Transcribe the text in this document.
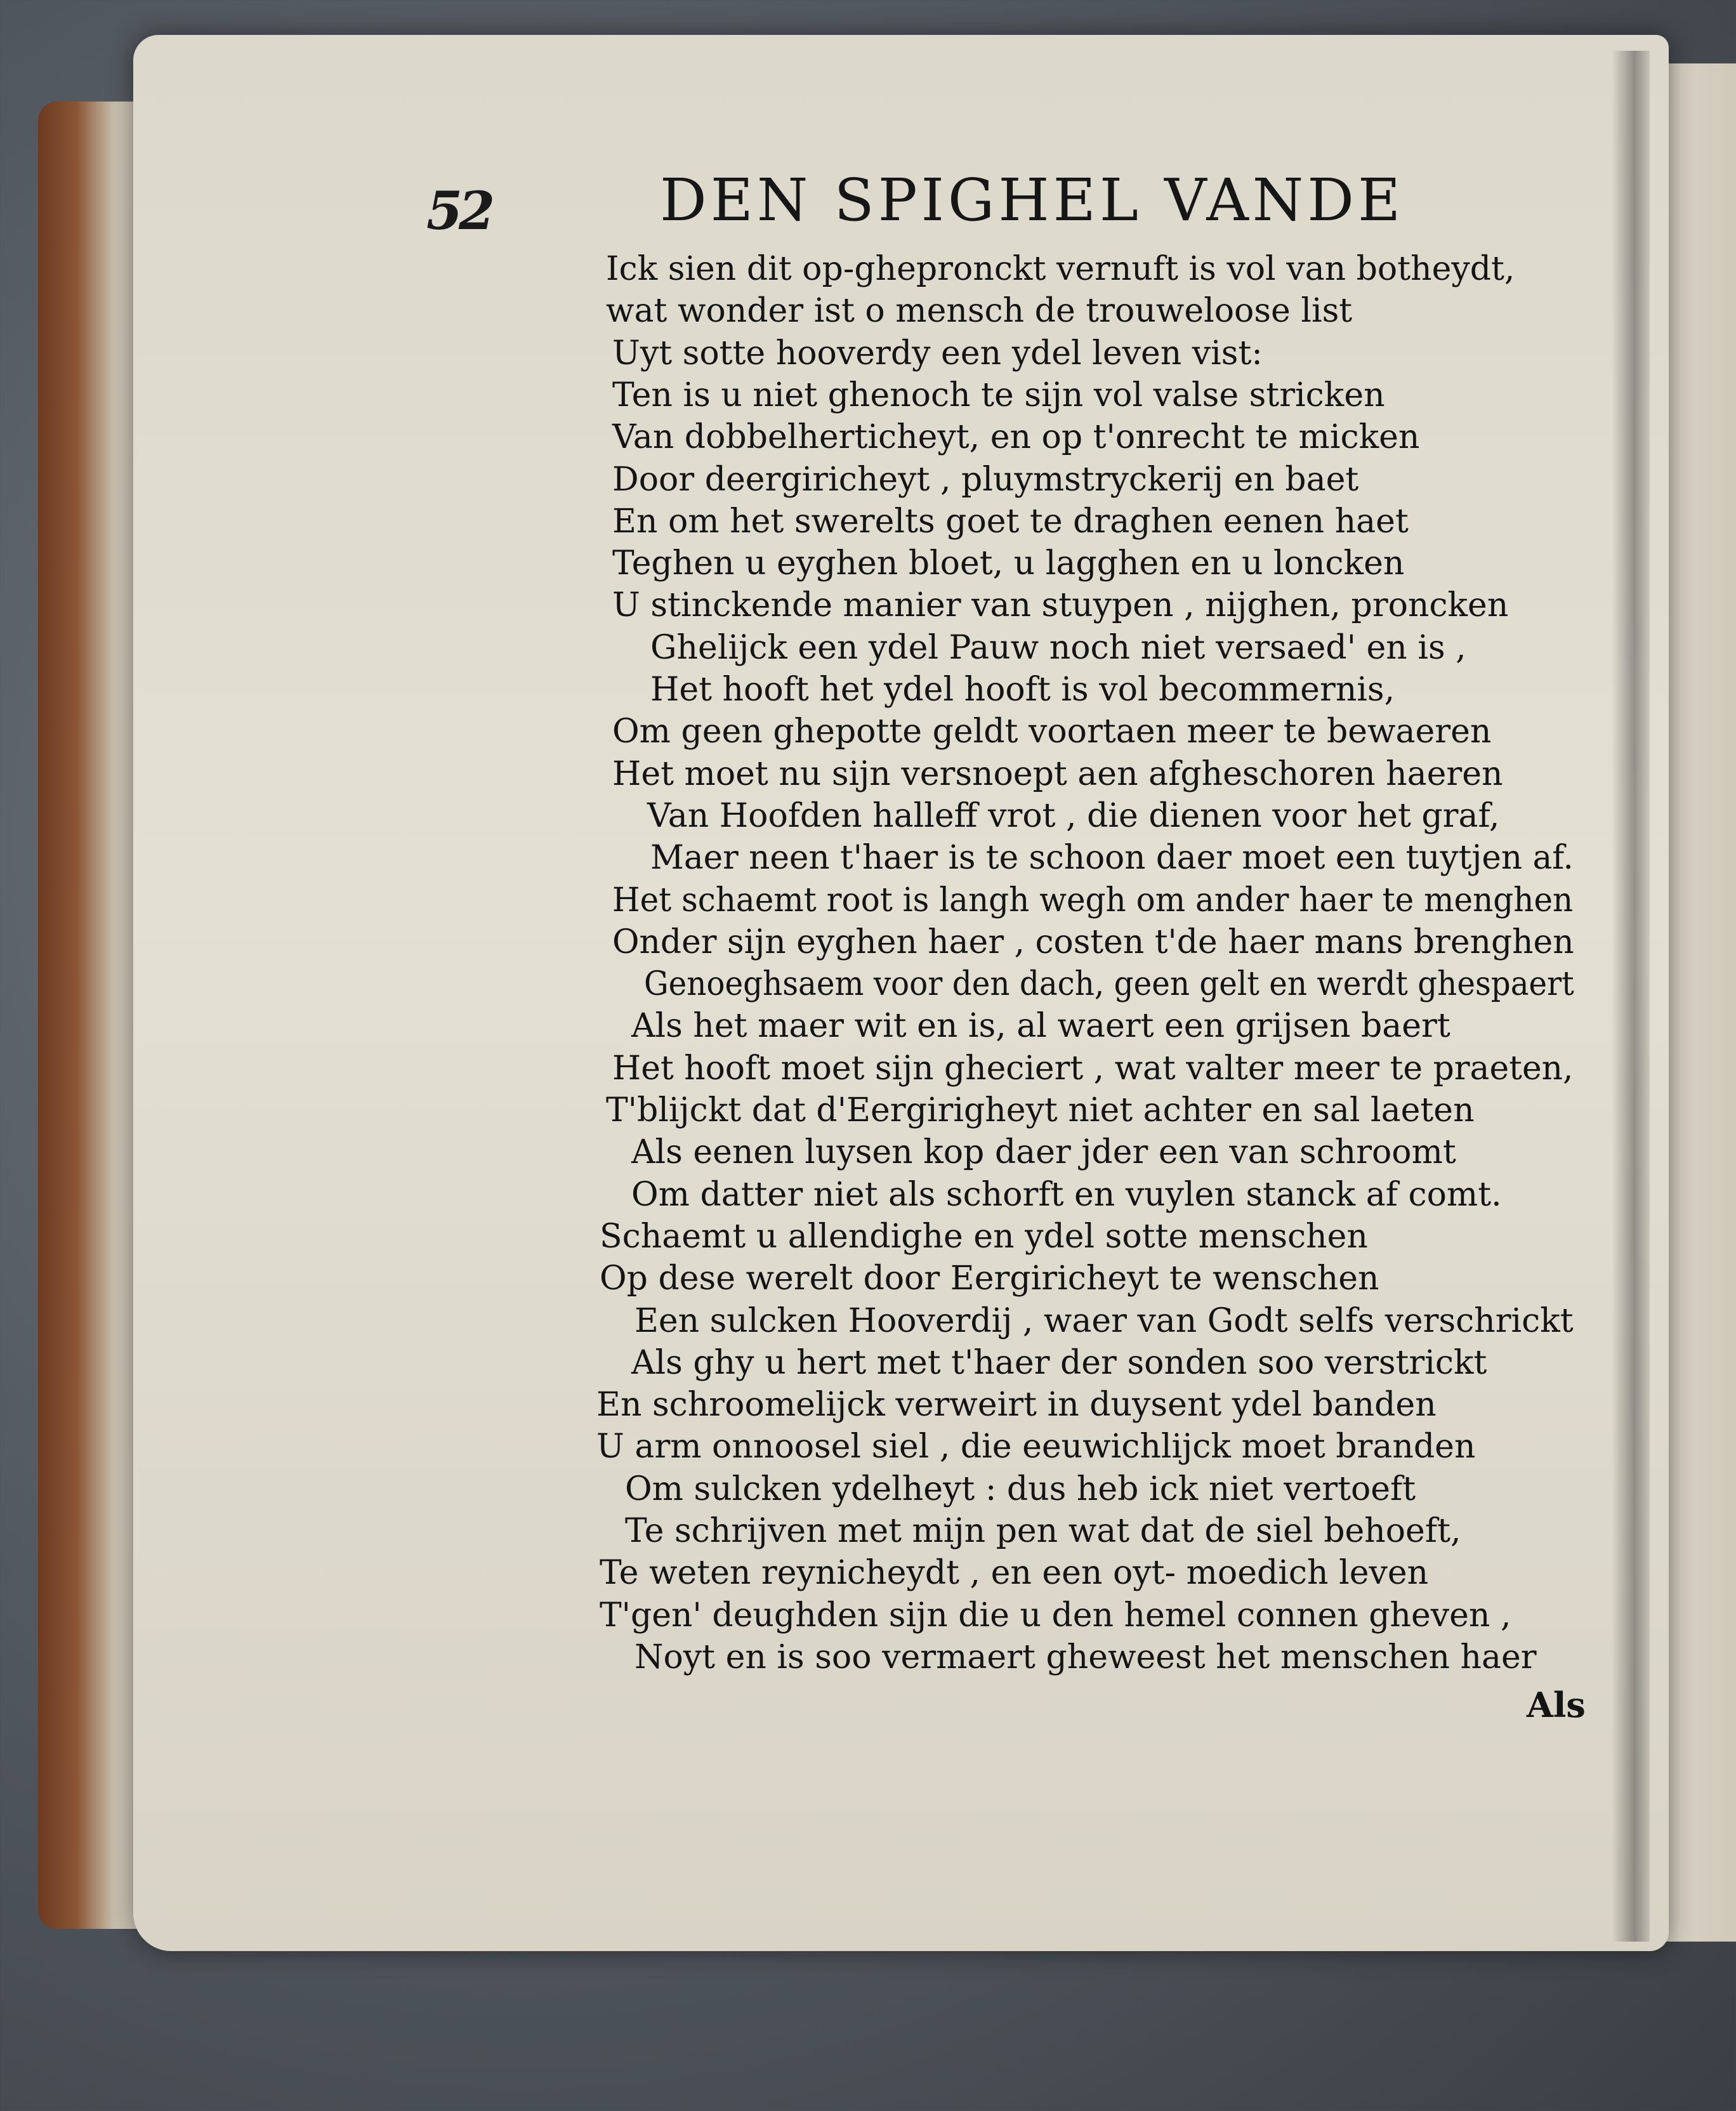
52	DEN SPIGHEL VANDE
Ick sien dit op-ghepronckt vernuft is vol van botheydt,
wat wonder ist o mensch de trouweloose list
Uyt sotte hooverdy een ydel leven vist:
Ten is u niet ghenoch te sijn vol valse stricken
Van dobbelherticheyt, en op t'onrecht te micken
Door deergiricheyt , pluymstryckerij en baet
En om het swerelts goet te draghen eenen haet
Teghen u eyghen bloet, u lagghen en u loncken
U stinckende manier van stuypen , nijghen, proncken
Ghelijck een ydel Pauw noch niet versaed' en is ,
Het hooft het ydel hooft is vol becommernis,
Om geen ghepotte geldt voortaen meer te bewaeren
Het moet nu sijn versnoept aen afgheschoren haeren
Van Hoofden halleff vrot , die dienen voor het graf,
Maer neen t'haer is te schoon daer moet een tuytjen af.
Het schaemt root is langh wegh om ander haer te menghen
Onder sijn eyghen haer , costen t'de haer mans brenghen
Genoeghsaem voor den dach, geen gelt en werdt ghespaert
Als het maer wit en is, al waert een grijsen baert
Het hooft moet sijn gheciert , wat valter meer te praeten,
T'blijckt dat d'Eergirigheyt niet achter en sal laeten
Als eenen luysen kop daer jder een van schroomt
Om datter niet als schorft en vuylen stanck af comt.
Schaemt u allendighe en ydel sotte menschen
Op dese werelt door Eergiricheyt te wenschen
Een sulcken Hooverdij , waer van Godt selfs verschrickt
Als ghy u hert met t'haer der sonden soo verstrickt
En schroomelijck verweirt in duysent ydel banden
U arm onnoosel siel , die eeuwichlijck moet branden
Om sulcken ydelheyt : dus heb ick niet vertoeft
Te schrijven met mijn pen wat dat de siel behoeft,
Te weten reynicheydt , en een oyt- moedich leven
T'gen' deughden sijn die u den hemel connen gheven ,
Noyt en is soo vermaert gheweest het menschen haer
Als
